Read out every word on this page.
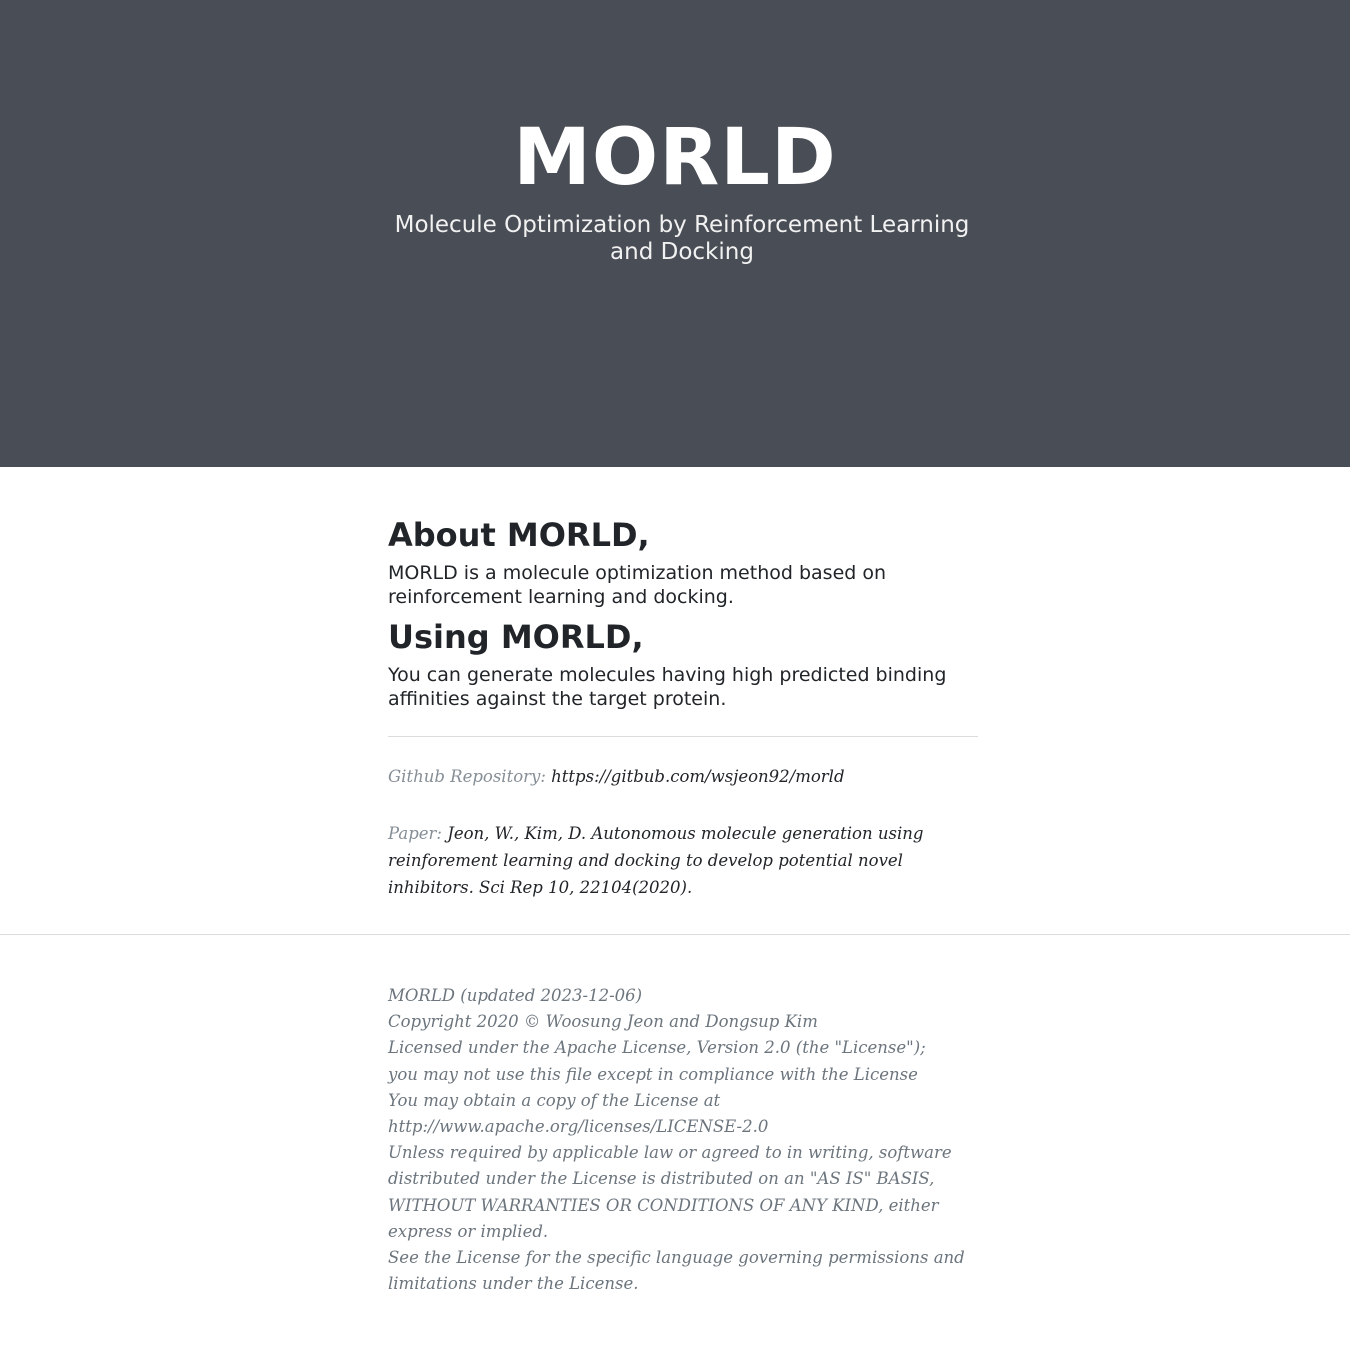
MORLD
Molecule Optimization by Reinforcement Learning and Docking
About MORLD,

MORLD is a molecule optimization method based on reinforcement learning and docking.

Using MORLD,

You can generate molecules having high predicted binding affinities against the target protein.

Github Repository: https://gitbub.com/wsjeon92/morld

Paper: Jeon, W., Kim, D. Autonomous molecule generation using reinforement learning and docking to develop potential novel inhibitors. Sci Rep 10, 22104(2020).

MORLD (updated 2023-12-06)

Copyright 2020 © Woosung Jeon and Dongsup Kim

Licensed under the Apache License, Version 2.0 (the "License");

you may not use this file except in compliance with the License

You may obtain a copy of the License at

http://www.apache.org/licenses/LICENSE-2.0

Unless required by applicable law or agreed to in writing, software distributed under the License is distributed on an "AS IS" BASIS, WITHOUT WARRANTIES OR CONDITIONS OF ANY KIND, either express or implied.

See the License for the specific language governing permissions and limitations under the License.
